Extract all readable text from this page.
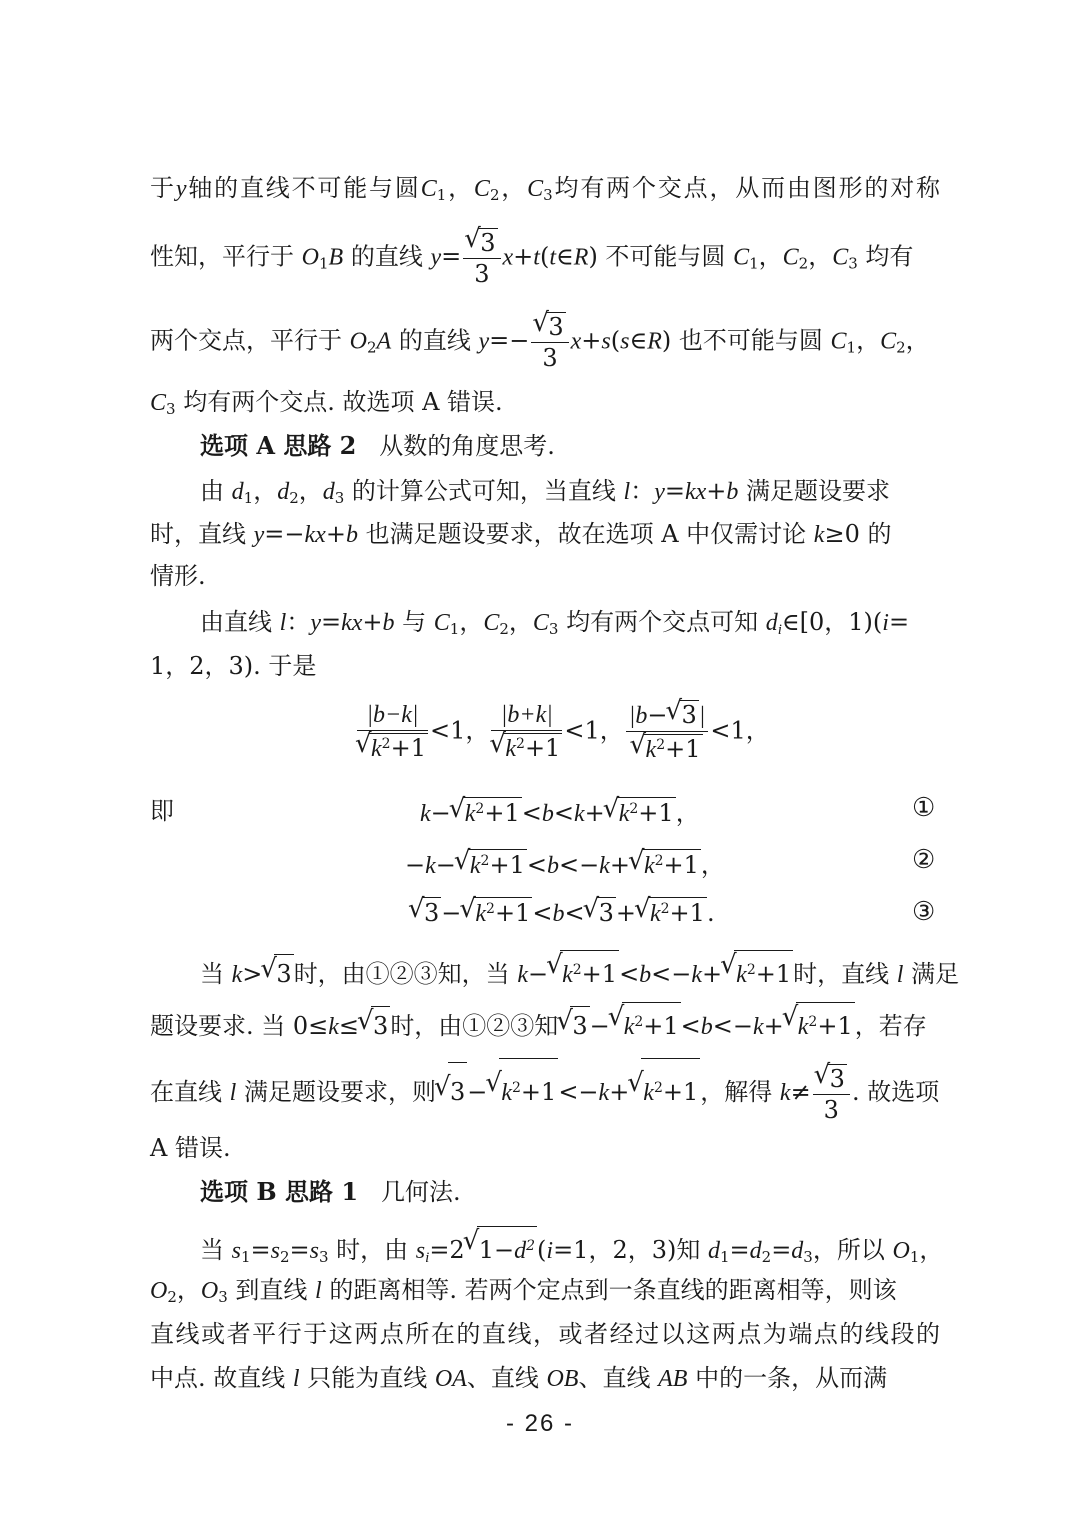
于y轴的直线不可能与圆$C_1$，$C_2$，$C_3$均有两个交点，从而由图形的对称
性知，平行于 $O_1B$ 的直线 y=
√ $\frac{3}{3}$ x+t(t∈R) 不可能与圆 $C_1$，$C_2$，$C_3$ 均有
两个交点，平行于 $O_2A$ 的直线 y=−
√ $\frac{3}{3}$ x+s(s∈R) 也不可能与圆 $C_1$，$C_2$，
$C_3$ 均有两个交点. 故选项 A 错误.
选项 A 思路 2 从数的角度思考.
由 $d_1$，$d_2$，$d_3$ 的计算公式可知，当直线 l：y=kx+b 满足题设要求
时，直线 y=−kx+b 也满足题设要求，故在选项 A 中仅需讨论 k≥0 的
情形.
由直线 l：y=kx+b 与 $C_1$，$C_2$，$C_3$ 均有两个交点可知 $d_i\in[0$，1)(i=
1，2，3). 于是
|b−k|
√ $k^2+1 <1$， |b+k|
√ $k^2+1 <1$， |b−√ 3|
√ $k^2+1 <1$，
即	k−√ $k^2+1<b<k+√$ $k^2+1$，	①
−k−√ $k^2+1<b<-k+√$ $k^2+1$，	②
√ 3−√ $k^2+1<b<√$ 3+√ $k^2+1$.	③
当 k>√ 3时，由①②③知，当 k−√ $k^2+1<b<-k+√$ $k^2+1$时，直线 l 满足
题设要求. 当 0≤k≤√ 3时，由①②③知√ 3−√ $k^2+1<b<-k+√$ $k^2+1$，若存
在直线 l 满足题设要求，则√ 3−√ $k^2+1<-k+√$ $k^2+1$，解得 k≠
√ $\frac{3}{3}$ . 故选项
A 错误.
选项 B 思路 1 几何法.
当 $s_1=s_2=s_3$ 时，由 $s_i=2√$ $1-d^2(i=1$，2，3)知 $d_1=d_2=d_3$，所以 $O_1$，
$O_2$，$O_3$ 到直线 l 的距离相等. 若两个定点到一条直线的距离相等，则该
直线或者平行于这两点所在的直线，或者经过以这两点为端点的线段的
中点. 故直线 l 只能为直线 OA、直线 OB、直线 AB 中的一条，从而满
- 26 -
